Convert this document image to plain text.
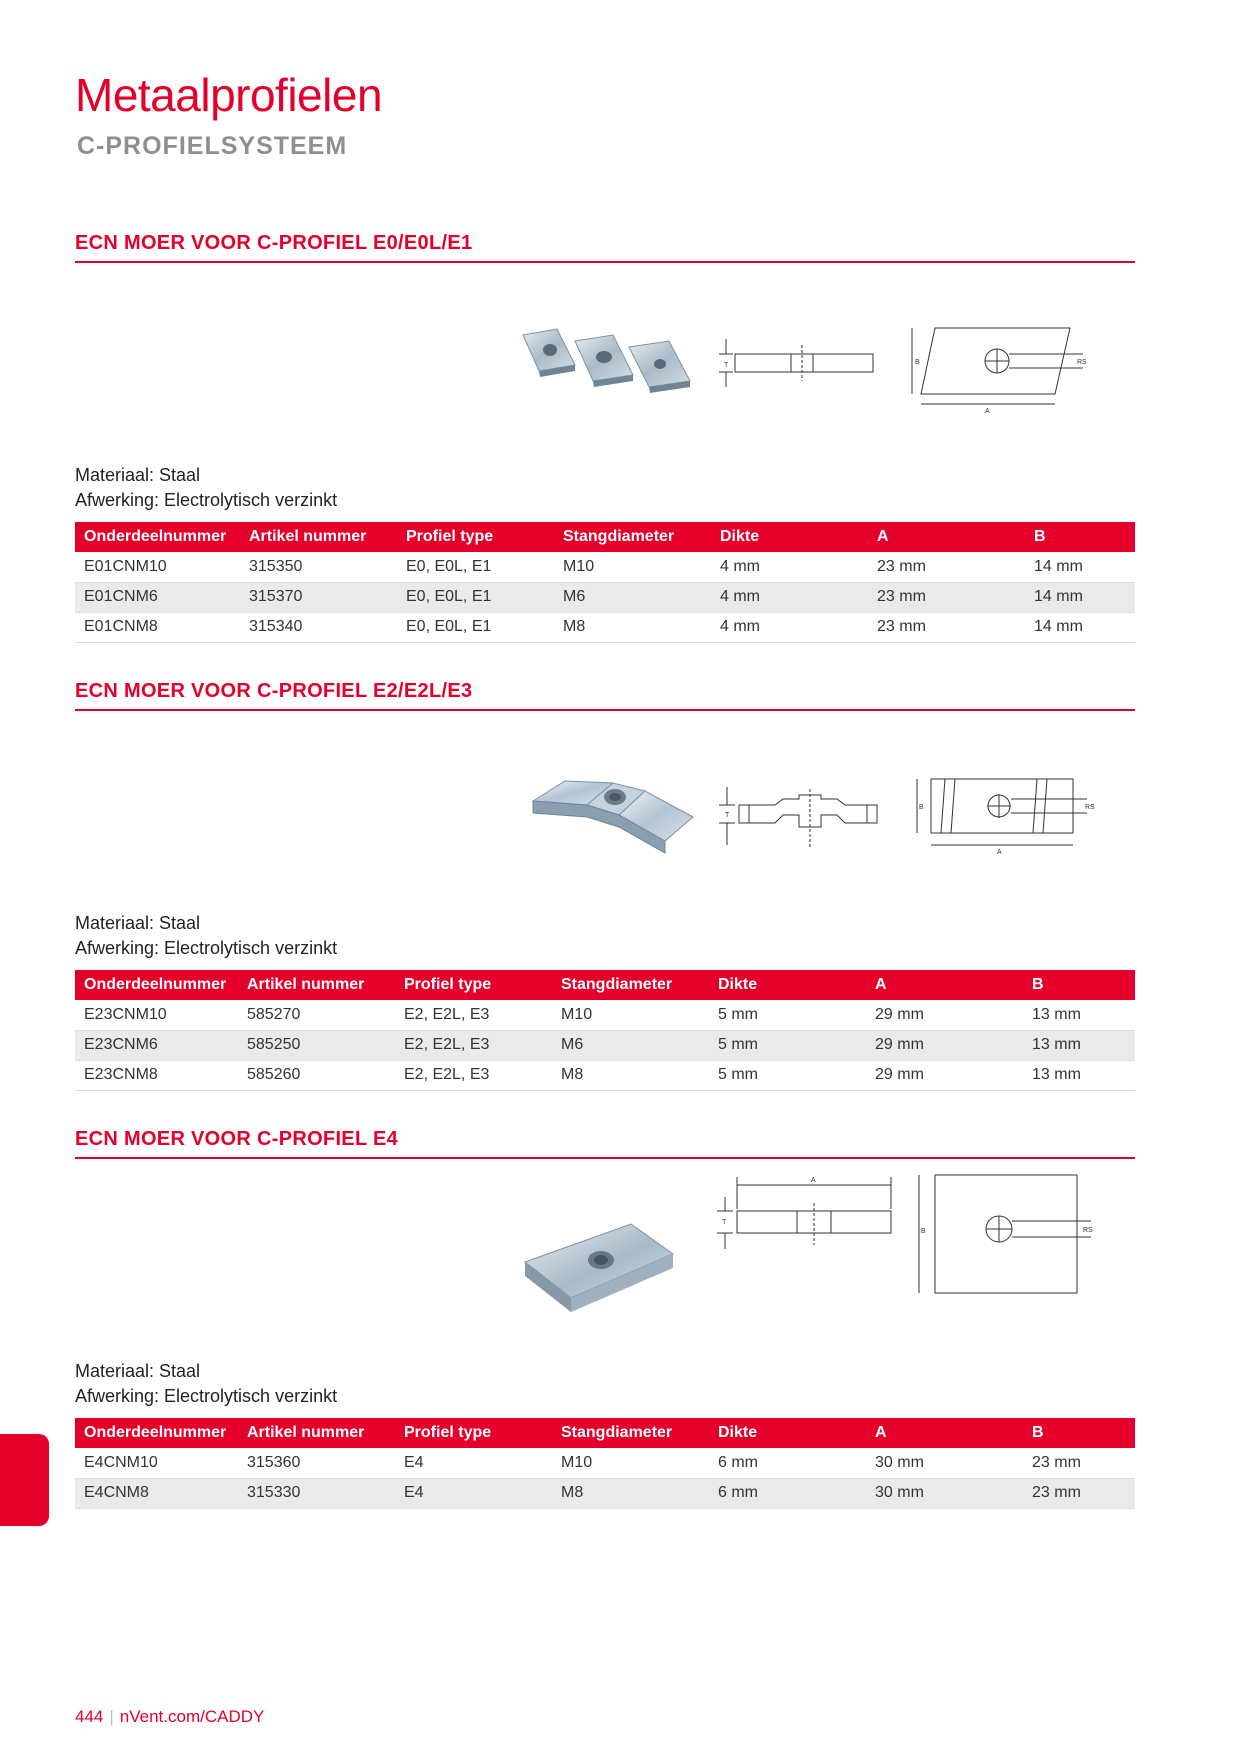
Metaalprofielen
C-PROFIELSYSTEEM
ECN MOER VOOR C-PROFIEL E0/E0L/E1
T	B
A
RS
Materiaal: Staal
Afwerking: Electrolytisch verzinkt
Onderdeelnummer	Artikel nummer	Profiel type	Stangdiameter	Dikte	A	B
E01CNM10	315350	E0, E0L, E1	M10	4 mm	23 mm	14 mm
E01CNM6	315370	E0, E0L, E1	M6	4 mm	23 mm	14 mm
E01CNM8	315340	E0, E0L, E1	M8	4 mm	23 mm	14 mm
ECN MOER VOOR C-PROFIEL E2/E2L/E3
T
B
A
RS
Materiaal: Staal
Afwerking: Electrolytisch verzinkt
Onderdeelnummer	Artikel nummer	Profiel type	Stangdiameter	Dikte	A	B
E23CNM10	585270	E2, E2L, E3	M10	5 mm	29 mm	13 mm
E23CNM6	585250	E2, E2L, E3	M6	5 mm	29 mm	13 mm
E23CNM8	585260	E2, E2L, E3	M8	5 mm	29 mm	13 mm
ECN MOER VOOR C-PROFIEL E4
A
T
B	RS
Materiaal: Staal
Afwerking: Electrolytisch verzinkt
Onderdeelnummer	Artikel nummer	Profiel type	Stangdiameter	Dikte	A	B
E4CNM10	315360	E4	M10	6 mm	30 mm	23 mm
E4CNM8	315330	E4	M8	6 mm	30 mm	23 mm
444 | nVent.com/CADDY
